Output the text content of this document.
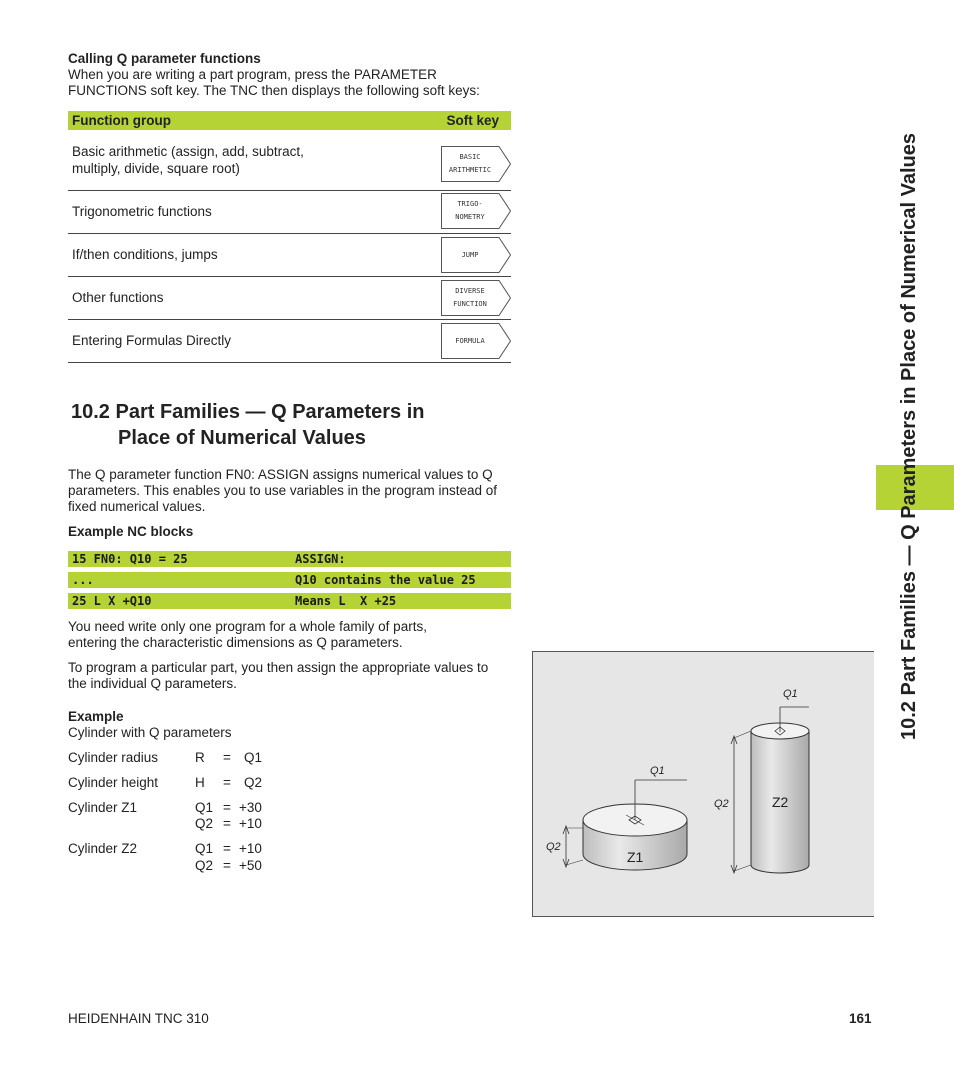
Calling Q parameter functions
When you are writing a part program, press the PARAMETER FUNCTIONS soft key. The TNC then displays the following soft keys:
Function group	Soft key
Basic arithmetic (assign, add, subtract, multiply, divide, square root)
BASIC
ARITHMETIC
Trigonometric functions	TRIGO-
NOMETRY
If/then conditions, jumps	JUMP
Other functions	DIVERSE
FUNCTION
Entering Formulas Directly	FORMULA
10.2 Part Families — Q Parameters in
Place of Numerical Values
The Q parameter function FN0: ASSIGN assigns numerical values to Q parameters. This enables you to use variables in the program instead of fixed numerical values.
Example NC blocks
15 FN0: Q10 = 25	ASSIGN:
...	Q10 contains the value 25
25 L X +Q10	Means L  X +25
You need write only one program for a whole family of parts, entering the characteristic dimensions as Q parameters.
To program a particular part, you then assign the appropriate values to the individual Q parameters.
Example
Cylinder with Q parameters
Cylinder radius	R = Q1
Cylinder height	H = Q2
Cylinder Z1	Q1 = +30
Q2 = +10
Cylinder Z2	Q1 = +10
Q2 = +50
Q1
Q1
Q2
Q2
Z1
Z2
10.2 Part Families — Q Parameters in Place of Numerical Values
HEIDENHAIN TNC 310	161
